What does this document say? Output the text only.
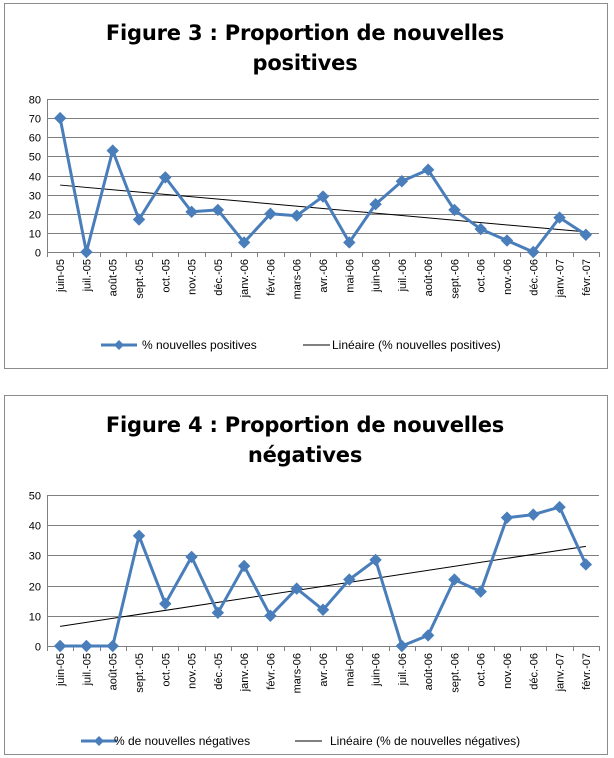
Figure 3 : Proportion de nouvelles
positives
0
10
20
30
40
50
60
70
80
juin-05 juil.-05 août-05 sept.-05 oct.-05 nov.-05 déc.-05 janv.-06 févr.-06 mars-06 avr.-06 mai-06 juin-06 juil.-06 août-06 sept.-06 oct.-06 nov.-06 déc.-06 janv.-07 févr.-07
% nouvelles positives	Linéaire (% nouvelles positives)
Figure 4 : Proportion de nouvelles
négatives
0
10
20
30
40
50
juin-05 juil.-05 août-05 sept.-05 oct.-05 nov.-05 déc.-05 janv.-06 févr.-06 mars-06 avr.-06 mai-06 juin-06 juil.-06 août-06 sept.-06 oct.-06 nov.-06 déc.-06 janv.-07 févr.-07
% de nouvelles négatives	Linéaire (% de nouvelles négatives)
